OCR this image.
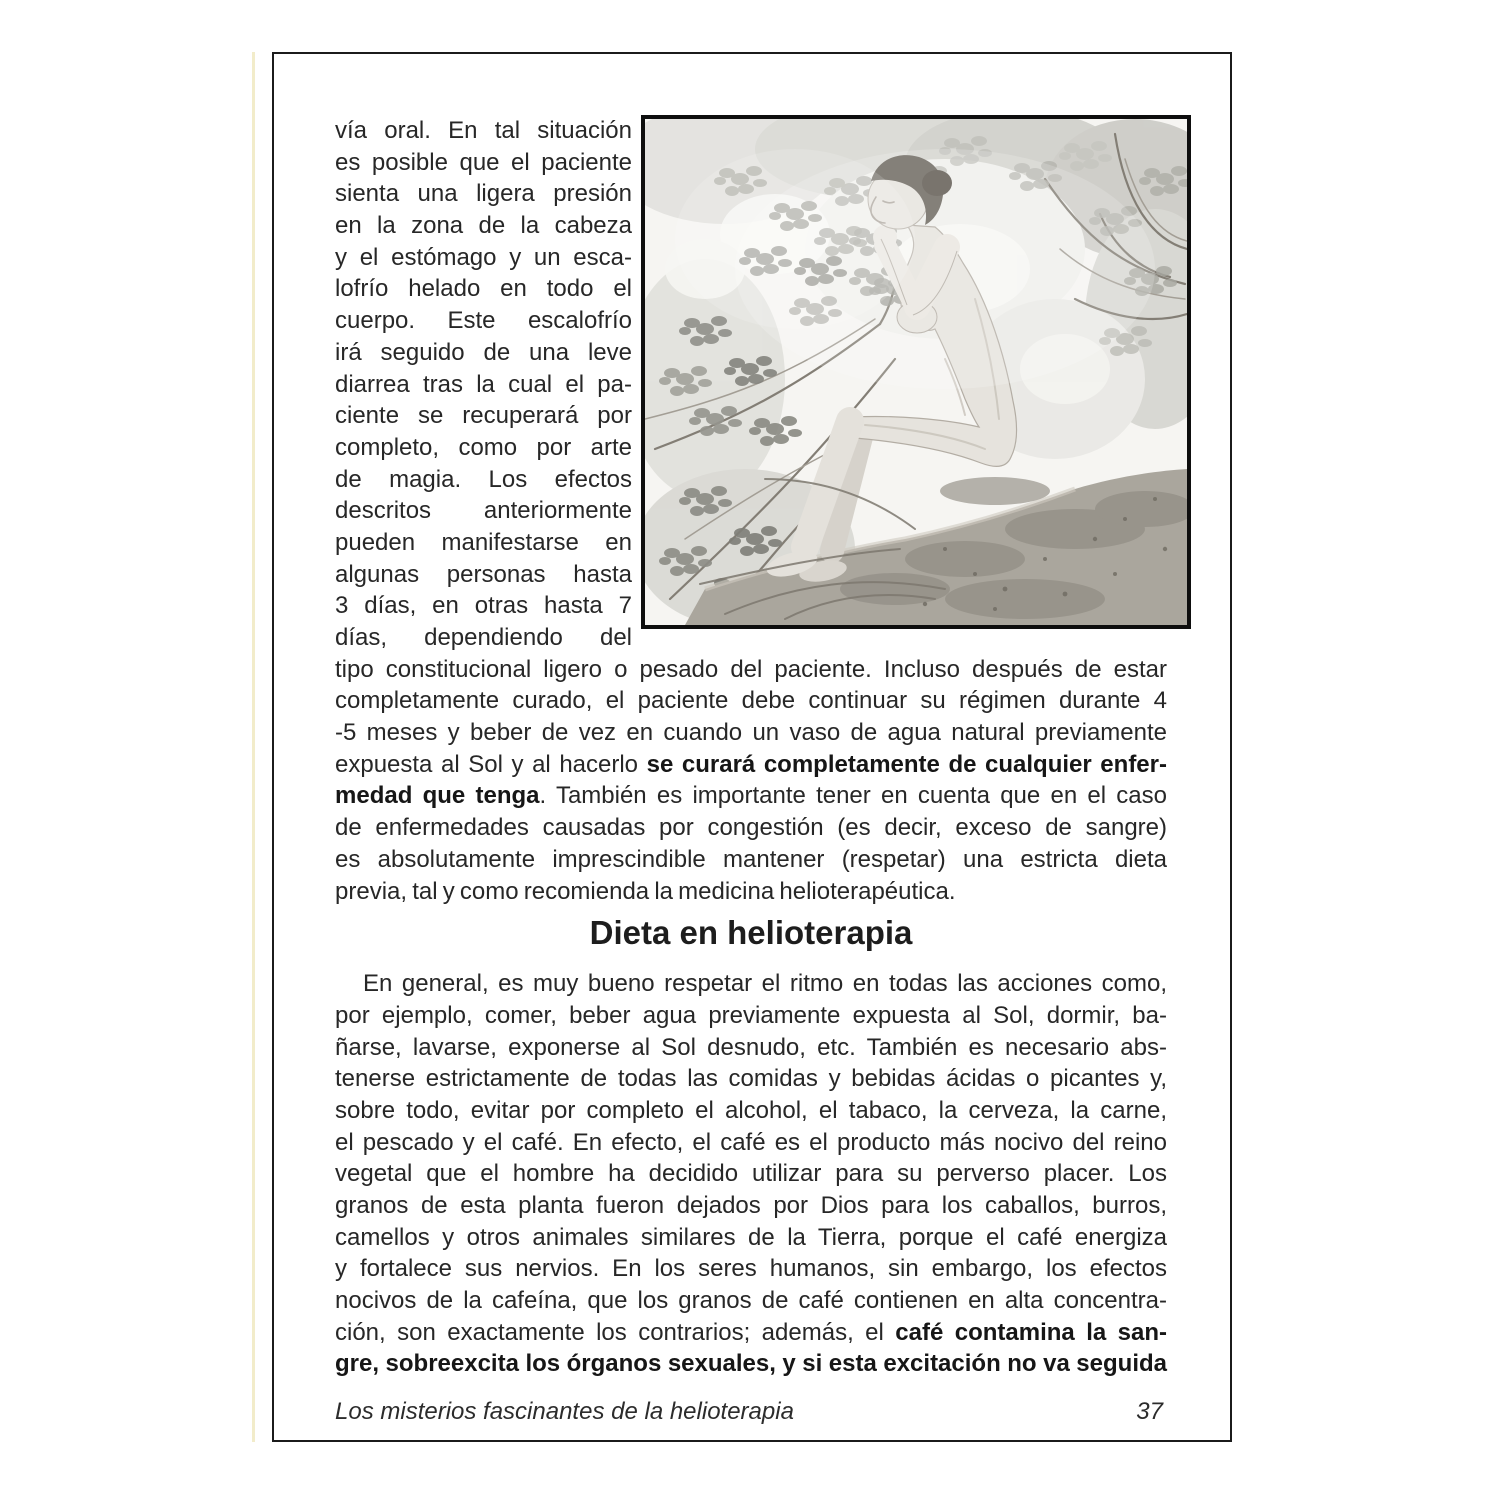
vía oral. En tal situación
es posible que el paciente
sienta una ligera presión
en la zona de la cabeza
y el estómago y un esca-
lofrío helado en todo el
cuerpo. Este escalofrío
irá seguido de una leve
diarrea tras la cual el pa-
ciente se recuperará por
completo, como por arte
de magia. Los efectos
descritos anteriormente
pueden manifestarse en
algunas personas hasta
3 días, en otras hasta 7
días, dependiendo del
tipo constitucional ligero o pesado del paciente. Incluso después de estar
completamente curado, el paciente debe continuar su régimen durante 4
-5 meses y beber de vez en cuando un vaso de agua natural previamente
expuesta al Sol y al hacerlo se curará completamente de cualquier enfer-
medad que tenga. También es importante tener en cuenta que en el caso
de enfermedades causadas por congestión (es decir, exceso de sangre)
es absolutamente imprescindible mantener (respetar) una estricta dieta
previa, tal y como recomienda la medicina helioterapéutica.
Dieta en helioterapia
En general, es muy bueno respetar el ritmo en todas las acciones como,
por ejemplo, comer, beber agua previamente expuesta al Sol, dormir, ba-
ñarse, lavarse, exponerse al Sol desnudo, etc. También es necesario abs-
tenerse estrictamente de todas las comidas y bebidas ácidas o picantes y,
sobre todo, evitar por completo el alcohol, el tabaco, la cerveza, la carne,
el pescado y el café. En efecto, el café es el producto más nocivo del reino
vegetal que el hombre ha decidido utilizar para su perverso placer. Los
granos de esta planta fueron dejados por Dios para los caballos, burros,
camellos y otros animales similares de la Tierra, porque el café energiza
y fortalece sus nervios. En los seres humanos, sin embargo, los efectos
nocivos de la cafeína, que los granos de café contienen en alta concentra-
ción, son exactamente los contrarios; además, el café contamina la san-
gre, sobreexcita los órganos sexuales, y si esta excitación no va seguida
Los misterios fascinantes de la helioterapia	37
